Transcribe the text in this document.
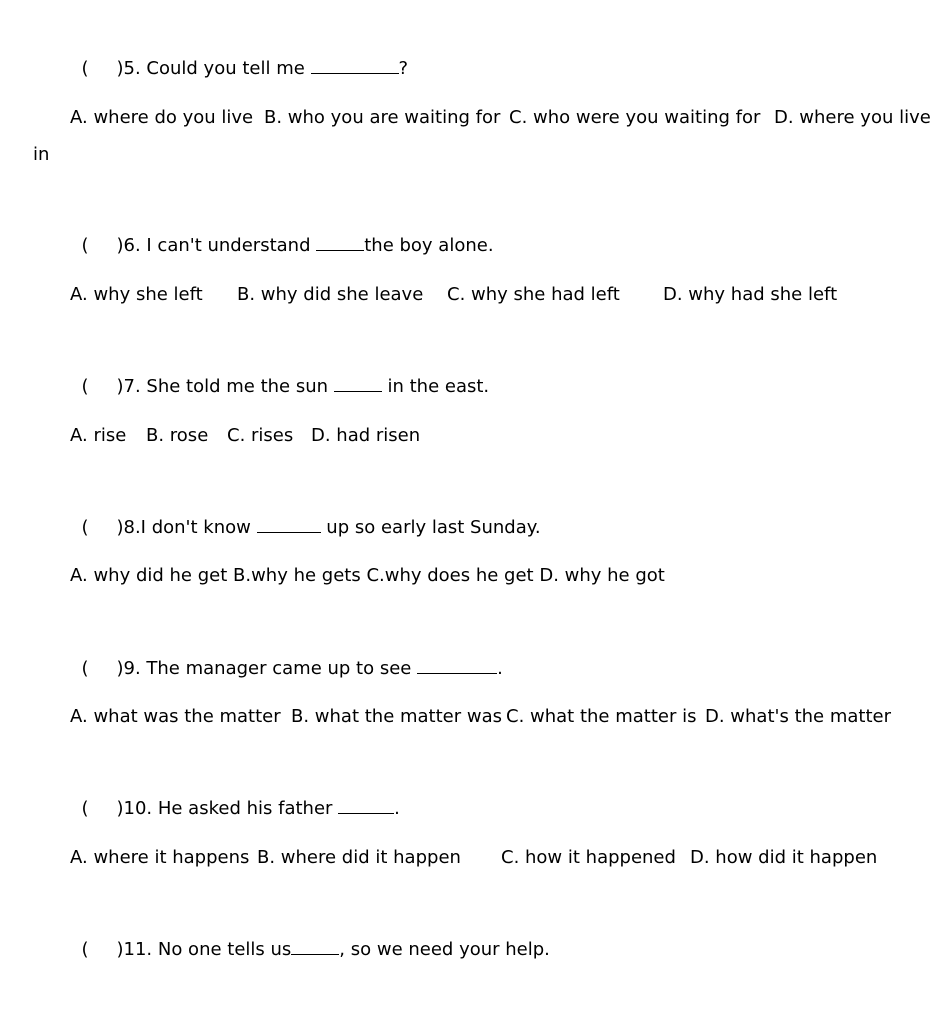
( )5. Could you tell me	?

A. where do you live B. who you are waiting for C. who were you waiting for D. where you live
in

( )6. I can't understand	the boy alone.

A. why she left B. why did she leave C. why she had left D. why had she left

( )7. She told me the sun	in the east.

A. rise B. rose C. rises D. had risen

( )8.I don't know	up so early last Sunday.

A. why did he get B.why he gets C.why does he get D. why he got

( )9. The manager came up to see	.

A. what was the matter B. what the matter was C. what the matter is D. what's the matter

( )10. He asked his father	.

A. where it happens B. where did it happen C. how it happened D. how did it happen

( )11. No one tells us	, so we need your help.
